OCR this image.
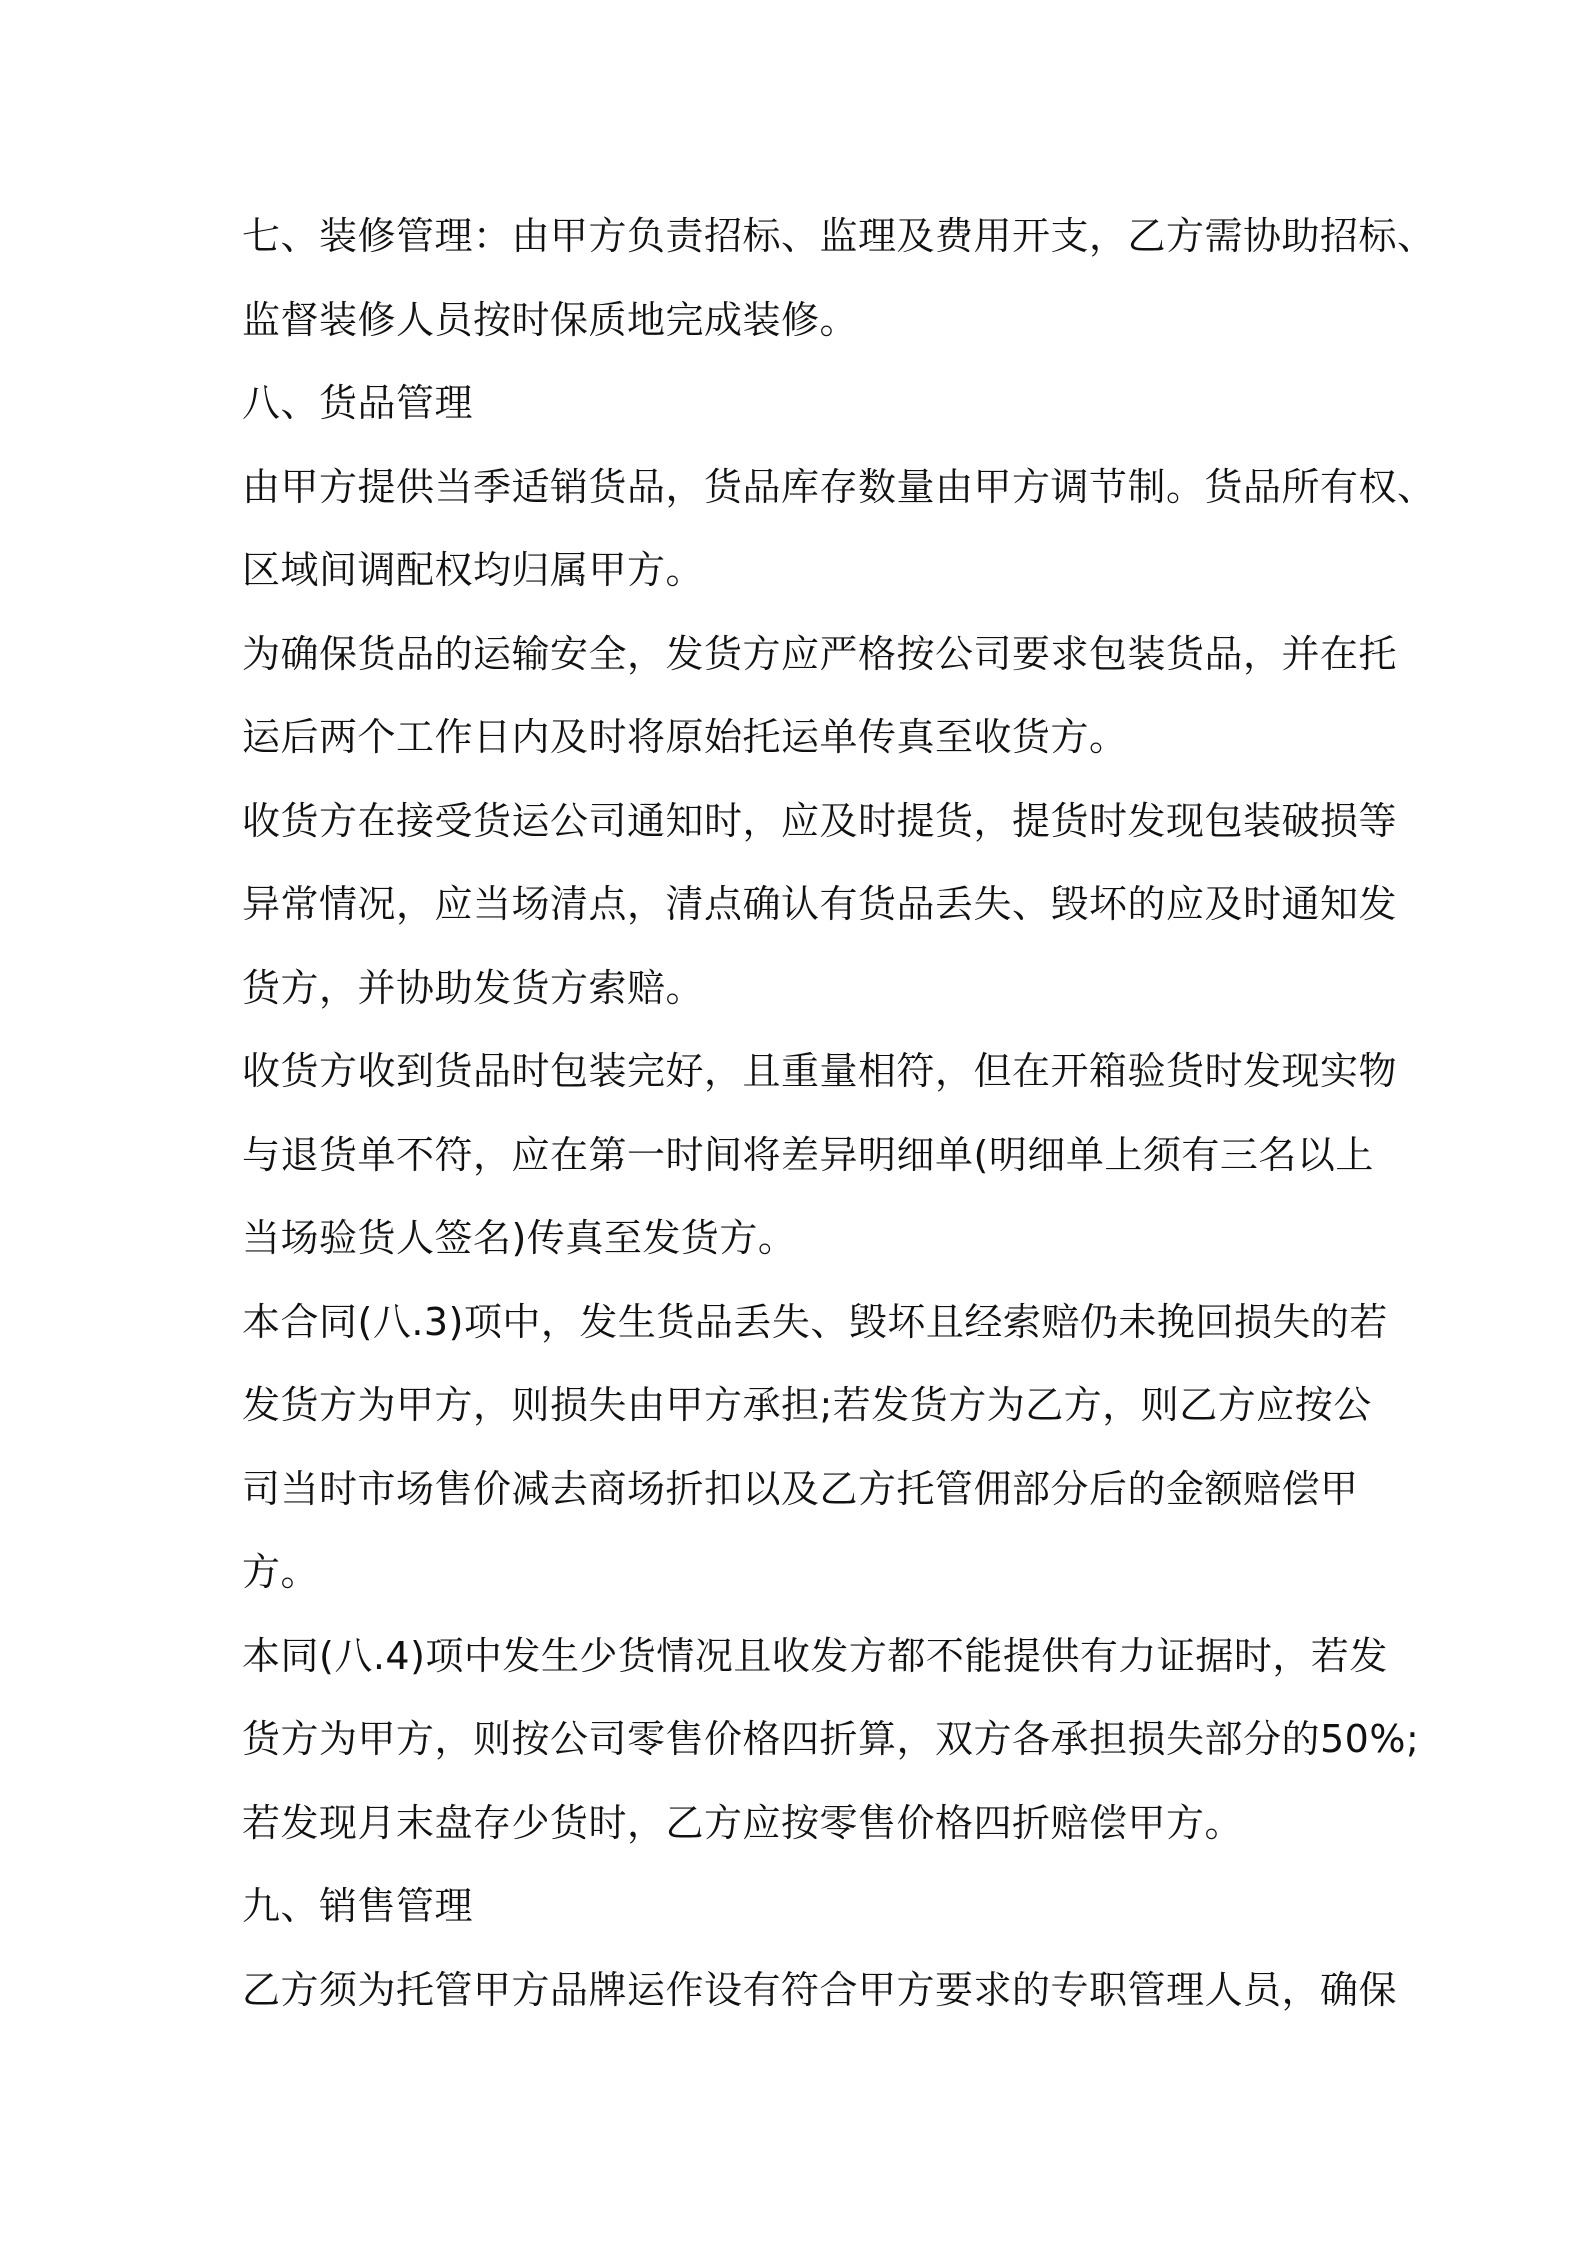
七、装修管理：由甲方负责招标、监理及费用开支，乙方需协助招标、
监督装修人员按时保质地完成装修。
八、货品管理
由甲方提供当季适销货品，货品库存数量由甲方调节制。货品所有权、
区域间调配权均归属甲方。
为确保货品的运输安全，发货方应严格按公司要求包装货品，并在托
运后两个工作日内及时将原始托运单传真至收货方。
收货方在接受货运公司通知时，应及时提货，提货时发现包装破损等
异常情况，应当场清点，清点确认有货品丢失、毁坏的应及时通知发
货方，并协助发货方索赔。
收货方收到货品时包装完好，且重量相符，但在开箱验货时发现实物
与退货单不符，应在第一时间将差异明细单(明细单上须有三名以上
当场验货人签名)传真至发货方。
本合同(八.3)项中，发生货品丢失、毁坏且经索赔仍未挽回损失的若
发货方为甲方，则损失由甲方承担;若发货方为乙方，则乙方应按公
司当时市场售价减去商场折扣以及乙方托管佣部分后的金额赔偿甲
方。
本同(八.4)项中发生少货情况且收发方都不能提供有力证据时，若发
货方为甲方，则按公司零售价格四折算，双方各承担损失部分的50%;
若发现月末盘存少货时，乙方应按零售价格四折赔偿甲方。
九、销售管理
乙方须为托管甲方品牌运作设有符合甲方要求的专职管理人员，确保
